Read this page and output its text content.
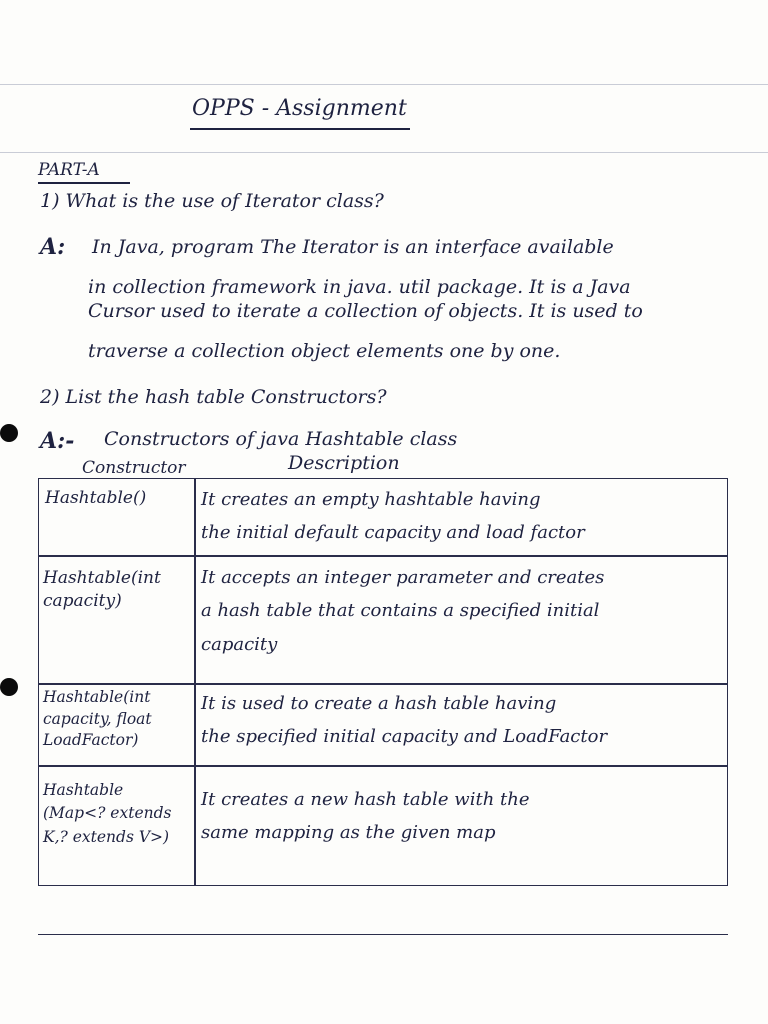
OPPS - Assignment
PART-A
1) What is the use of Iterator class?
A: In Java, program The Iterator is an interface available
in collection framework in java. util package. It is a Java
Cursor used to iterate a collection of objects. It is used to
traverse a collection object elements one by one.
2) List the hash table Constructors?
A:- Constructors of java Hashtable class
Constructor	Description
Hashtable()	It creates an empty hashtable having
the initial default capacity and load factor
Hashtable(int
capacity)
It accepts an integer parameter and creates
a hash table that contains a specified initial
capacity
Hashtable(int
capacity, float
LoadFactor)
It is used to create a hash table having
the specified initial capacity and LoadFactor
Hashtable
(Map<? extends
K,? extends V>)
It creates a new hash table with the
same mapping as the given map
